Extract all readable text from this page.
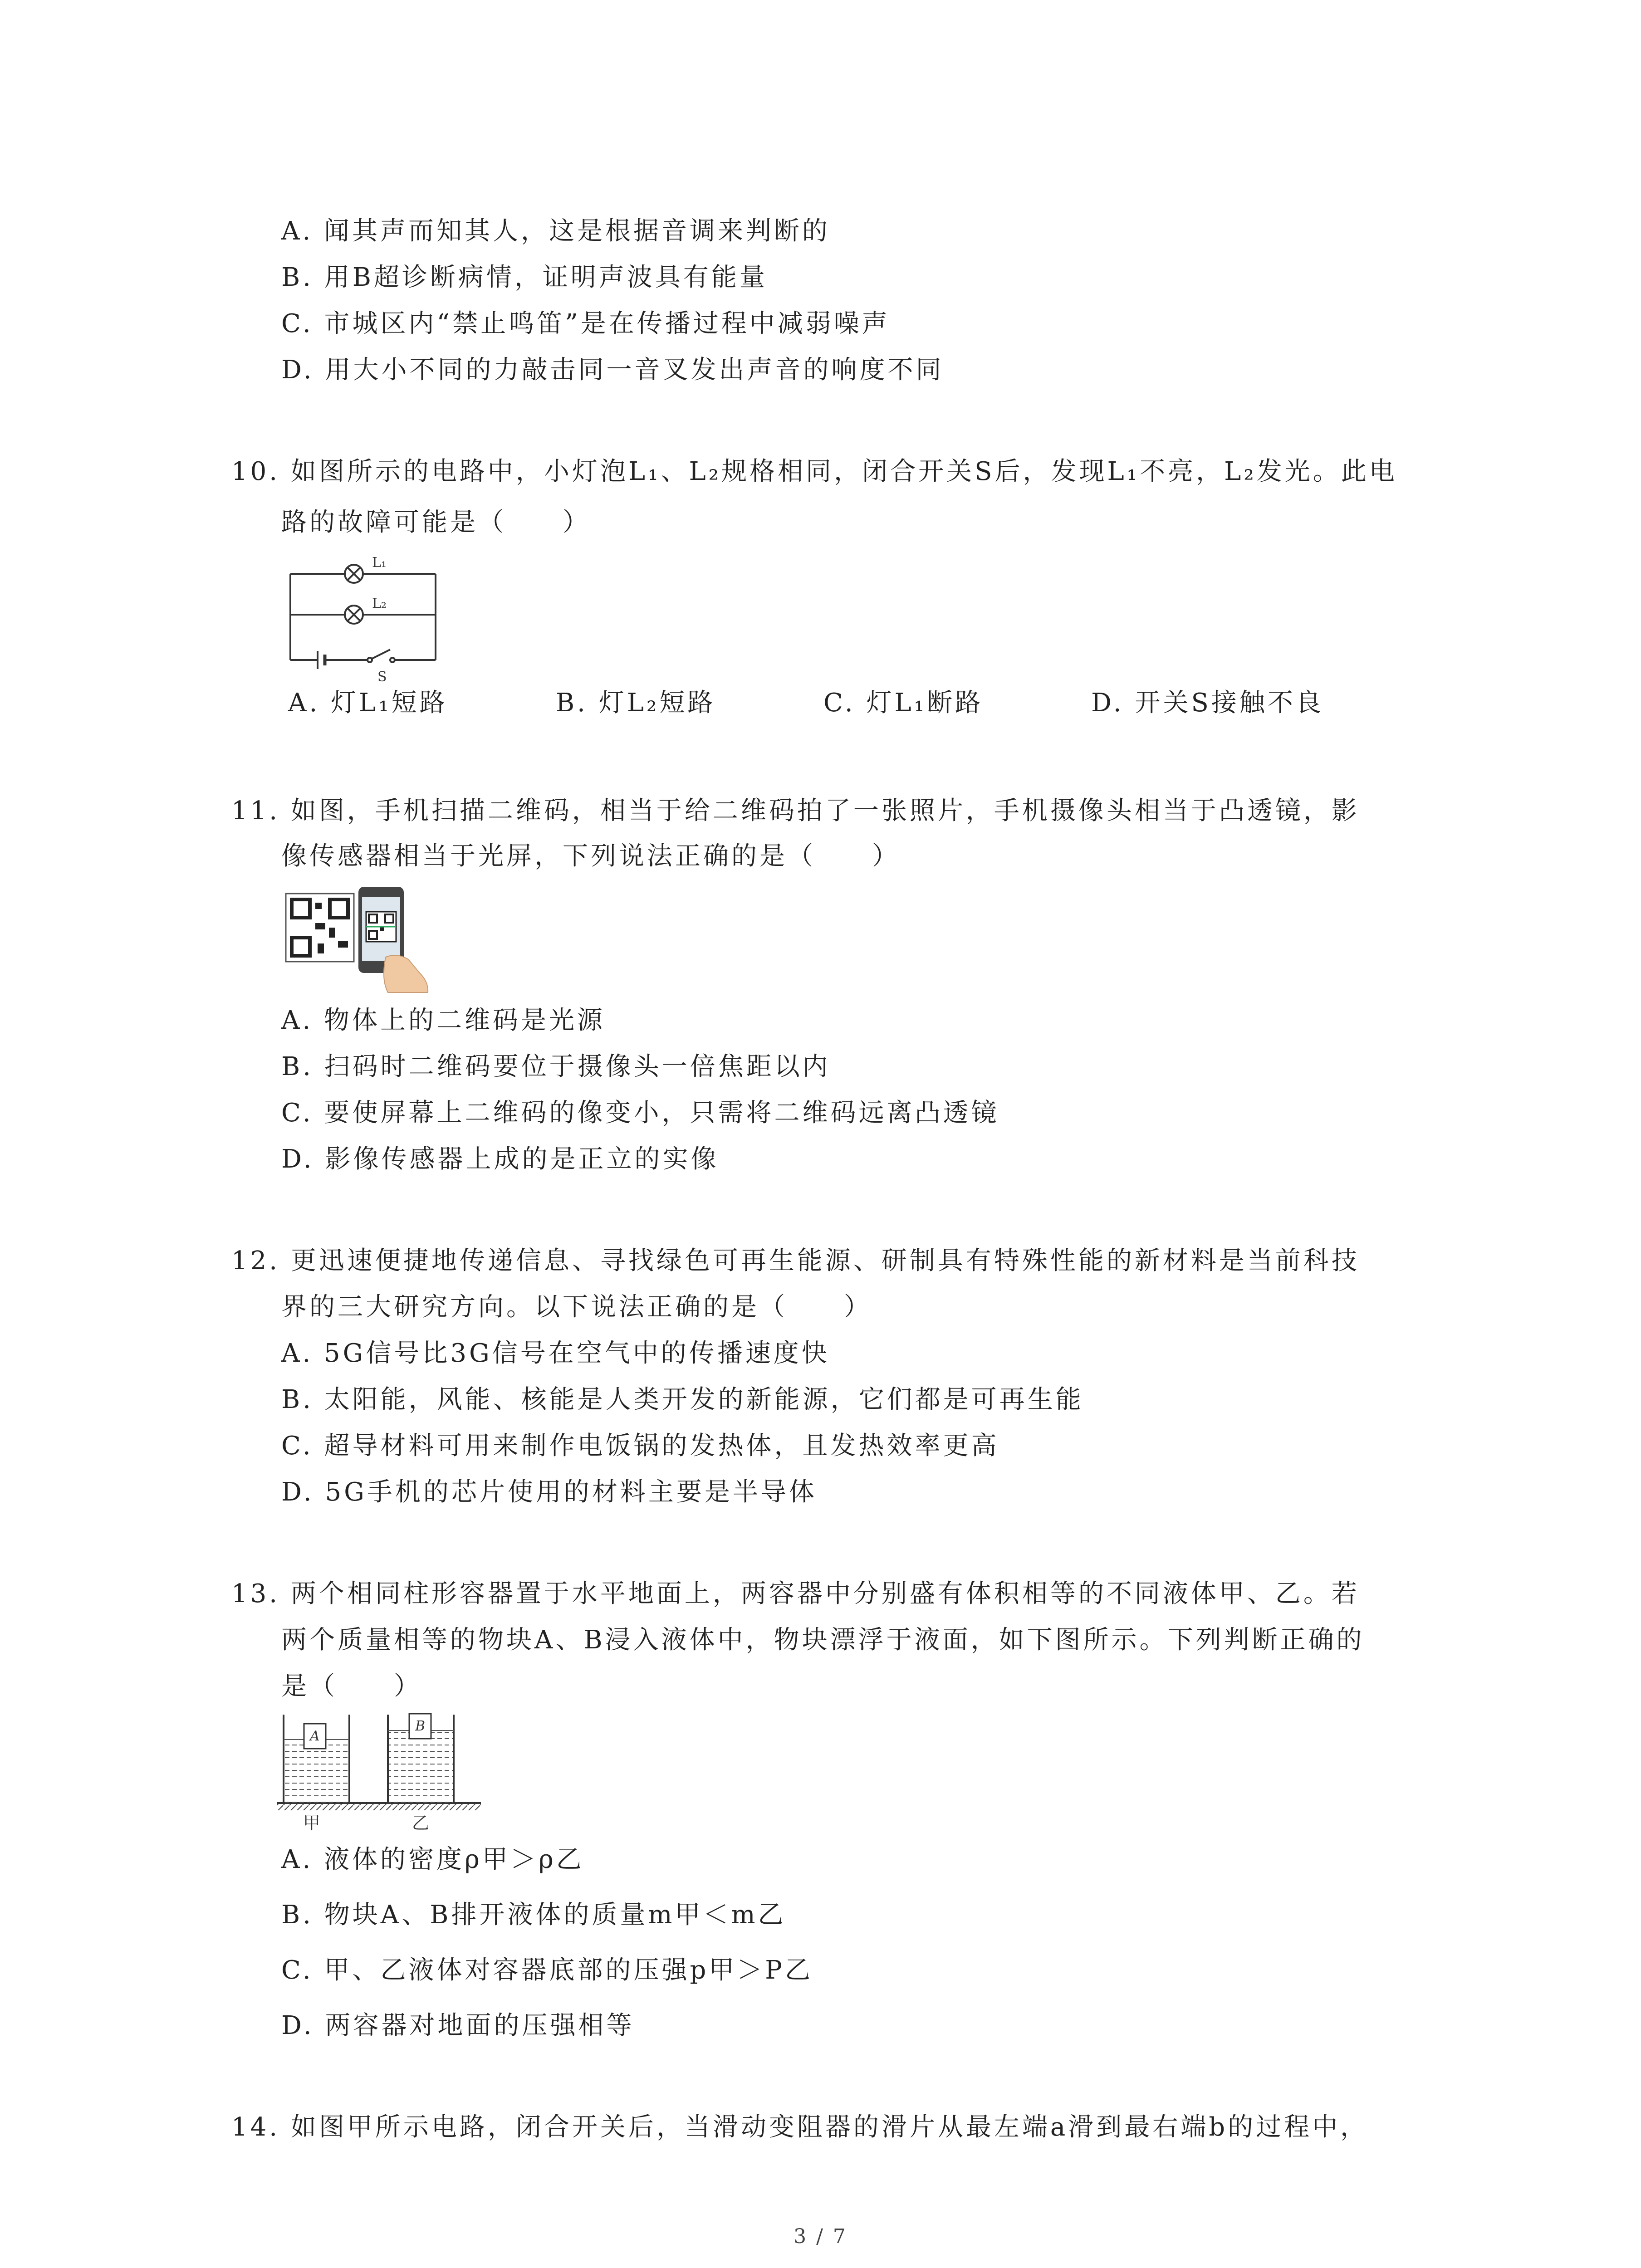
A. 闻其声而知其人，这是根据音调来判断的
B. 用B超诊断病情，证明声波具有能量
C. 市城区内“禁止鸣笛”是在传播过程中减弱噪声
D. 用大小不同的力敲击同一音叉发出声音的响度不同
10. 如图所示的电路中，小灯泡L₁、L₂规格相同，闭合开关S后，发现L₁不亮，L₂发光。此电
路的故障可能是（　　）
L₁
L₂
S
A. 灯L₁短路	B. 灯L₂短路	C. 灯L₁断路	D. 开关S接触不良
11. 如图，手机扫描二维码，相当于给二维码拍了一张照片，手机摄像头相当于凸透镜，影
像传感器相当于光屏，下列说法正确的是（　　）
A. 物体上的二维码是光源
B. 扫码时二维码要位于摄像头一倍焦距以内
C. 要使屏幕上二维码的像变小，只需将二维码远离凸透镜
D. 影像传感器上成的是正立的实像
12. 更迅速便捷地传递信息、寻找绿色可再生能源、研制具有特殊性能的新材料是当前科技
界的三大研究方向。以下说法正确的是（　　）
A. 5G信号比3G信号在空气中的传播速度快
B. 太阳能，风能、核能是人类开发的新能源，它们都是可再生能
C. 超导材料可用来制作电饭锅的发热体，且发热效率更高
D. 5G手机的芯片使用的材料主要是半导体
13. 两个相同柱形容器置于水平地面上，两容器中分别盛有体积相等的不同液体甲、乙。若
两个质量相等的物块A、B浸入液体中，物块漂浮于液面，如下图所示。下列判断正确的
是（　　）
A
B
甲	乙
A. 液体的密度ρ甲＞ρ乙
B. 物块A、B排开液体的质量m甲＜m乙
C. 甲、乙液体对容器底部的压强p甲＞P乙
D. 两容器对地面的压强相等
14. 如图甲所示电路，闭合开关后，当滑动变阻器的滑片从最左端a滑到最右端b的过程中，
3 / 7
